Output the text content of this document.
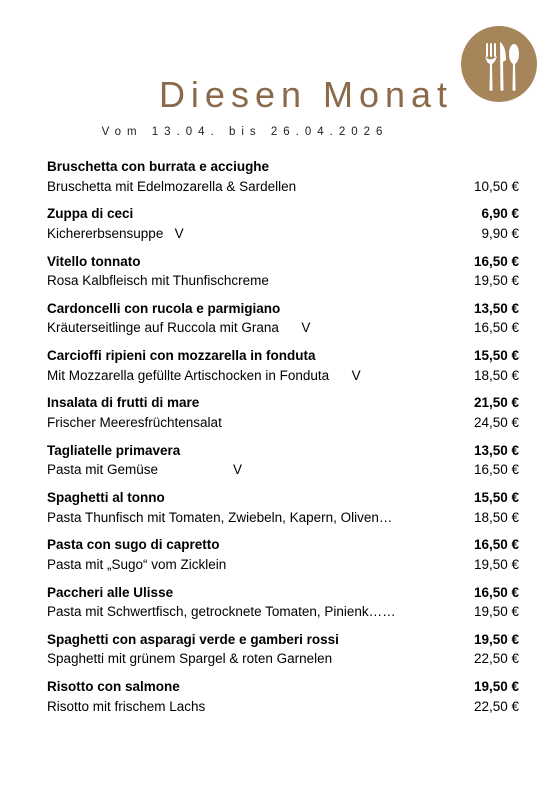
Diesen Monat
Vom 13.04. bis 26.04.2026
Bruschetta con burrata e acciughe
Bruschetta mit Edelmozarella & Sardellen	10,50 €
Zuppa di ceci	6,90 €
Kichererbsensuppe   V	9,90 €
Vitello tonnato	16,50 €
Rosa Kalbfleisch mit Thunfischcreme	19,50 €
Cardoncelli con rucola e parmigiano	13,50 €
Kräuterseitlinge auf Ruccola mit Grana      V	16,50 €
Carcioffi ripieni con mozzarella in fonduta	15,50 €
Mit Mozzarella gefüllte Artischocken in Fonduta      V	18,50 €
Insalata di frutti di mare	21,50 €
Frischer Meeresfrüchtensalat	24,50 €
Tagliatelle primavera	13,50 €
Pasta mit Gemüse                    V	16,50 €
Spaghetti al tonno	15,50 €
Pasta Thunfisch mit Tomaten, Zwiebeln, Kapern, Oliven…	18,50 €
Pasta con sugo di capretto	16,50 €
Pasta mit „Sugo“ vom Zicklein	19,50 €
Paccheri alle Ulisse	16,50 €
Pasta mit Schwertfisch, getrocknete Tomaten, Pinienk……	19,50 €
Spaghetti con asparagi verde e gamberi rossi	19,50 €
Spaghetti mit grünem Spargel & roten Garnelen	22,50 €
Risotto con salmone	19,50 €
Risotto mit frischem Lachs	22,50 €
